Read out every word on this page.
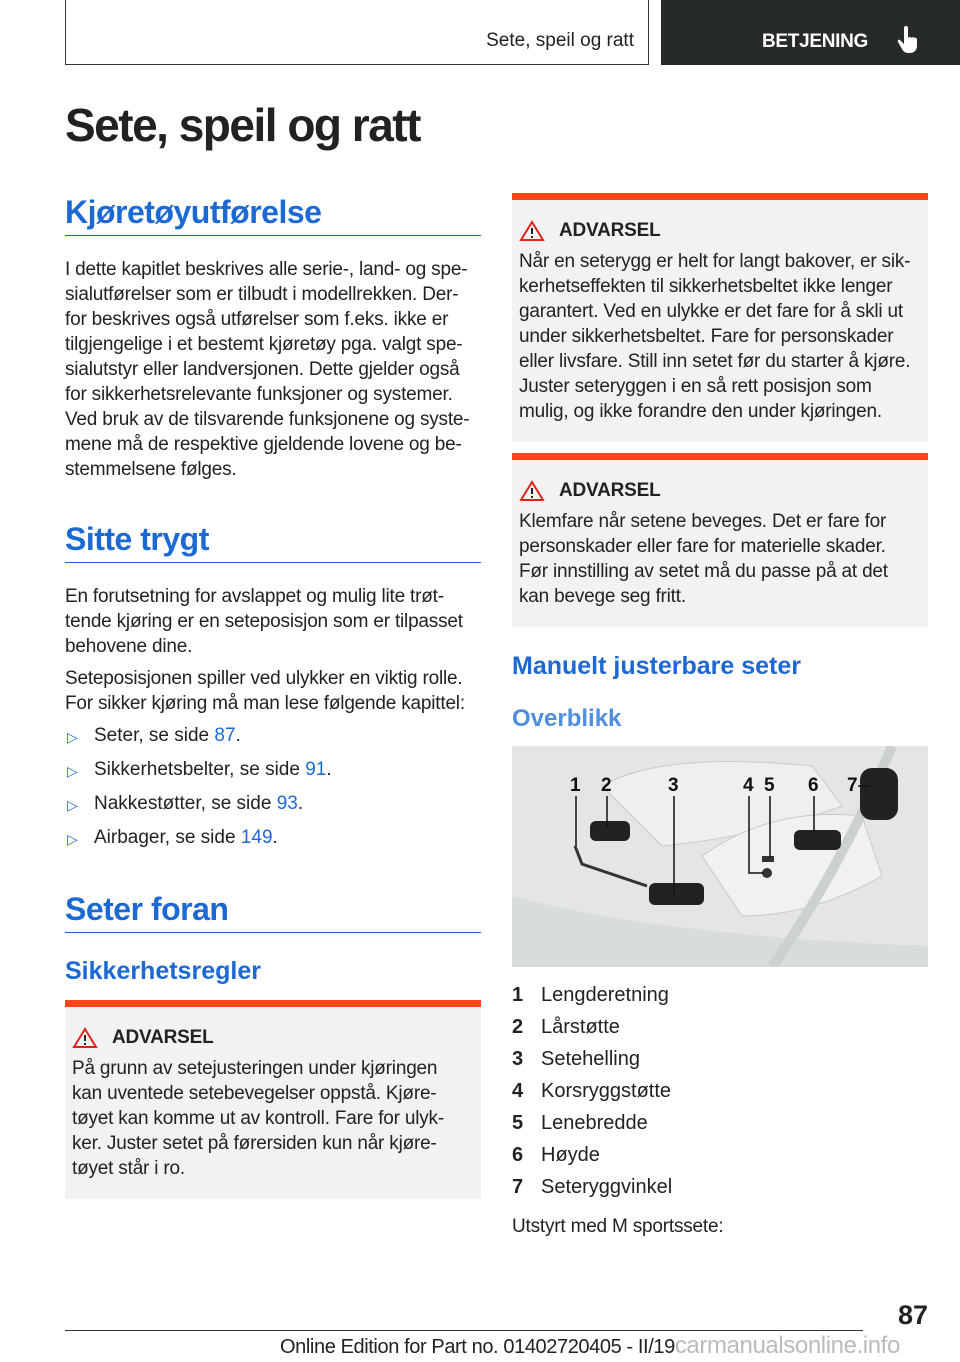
Sete, speil og ratt	BETJENING
Sete, speil og ratt
Kjøretøyutførelse
I dette kapitlet beskrives alle serie-, land- og spe-
sialutførelser som er tilbudt i modellrekken. Der-
for beskrives også utførelser som f.eks. ikke er
tilgjengelige i et bestemt kjøretøy pga. valgt spe-
sialutstyr eller landversjonen. Dette gjelder også
for sikkerhetsrelevante funksjoner og systemer.
Ved bruk av de tilsvarende funksjonene og syste-
mene må de respektive gjeldende lovene og be-
stemmelsene følges.
Sitte trygt
En forutsetning for avslappet og mulig lite trøt-
tende kjøring er en seteposisjon som er tilpasset
behovene dine.
Seteposisjonen spiller ved ulykker en viktig rolle.
For sikker kjøring må man lese følgende kapittel:
▷ Seter, se side 87.
▷ Sikkerhetsbelter, se side 91.
▷ Nakkestøtter, se side 93.
▷ Airbager, se side 149.
Seter foran
Sikkerhetsregler
ADVARSEL
På grunn av setejusteringen under kjøringen
kan uventede setebevegelser oppstå. Kjøre-
tøyet kan komme ut av kontroll. Fare for ulyk-
ker. Juster setet på førersiden kun når kjøre-
tøyet står i ro.
ADVARSEL
Når en seterygg er helt for langt bakover, er sik-
kerhetseffekten til sikkerhetsbeltet ikke lenger
garantert. Ved en ulykke er det fare for å skli ut
under sikkerhetsbeltet. Fare for personskader
eller livsfare. Still inn setet før du starter å kjøre.
Juster seteryggen i en så rett posisjon som
mulig, og ikke forandre den under kjøringen.
ADVARSEL
Klemfare når setene beveges. Det er fare for
personskader eller fare for materielle skader.
Før innstilling av setet må du passe på at det
kan bevege seg fritt.
Manuelt justerbare seter
Overblikk
1 2	3	4 5 6 7
1 Lengderetning
2 Lårstøtte
3 Setehelling
4 Korsryggstøtte
5 Lenebredde
6 Høyde
7 Seteryggvinkel
Utstyrt med M sportssete:
87
Online Edition for Part no. 01402720405 - II/19carmanualsonline.info
